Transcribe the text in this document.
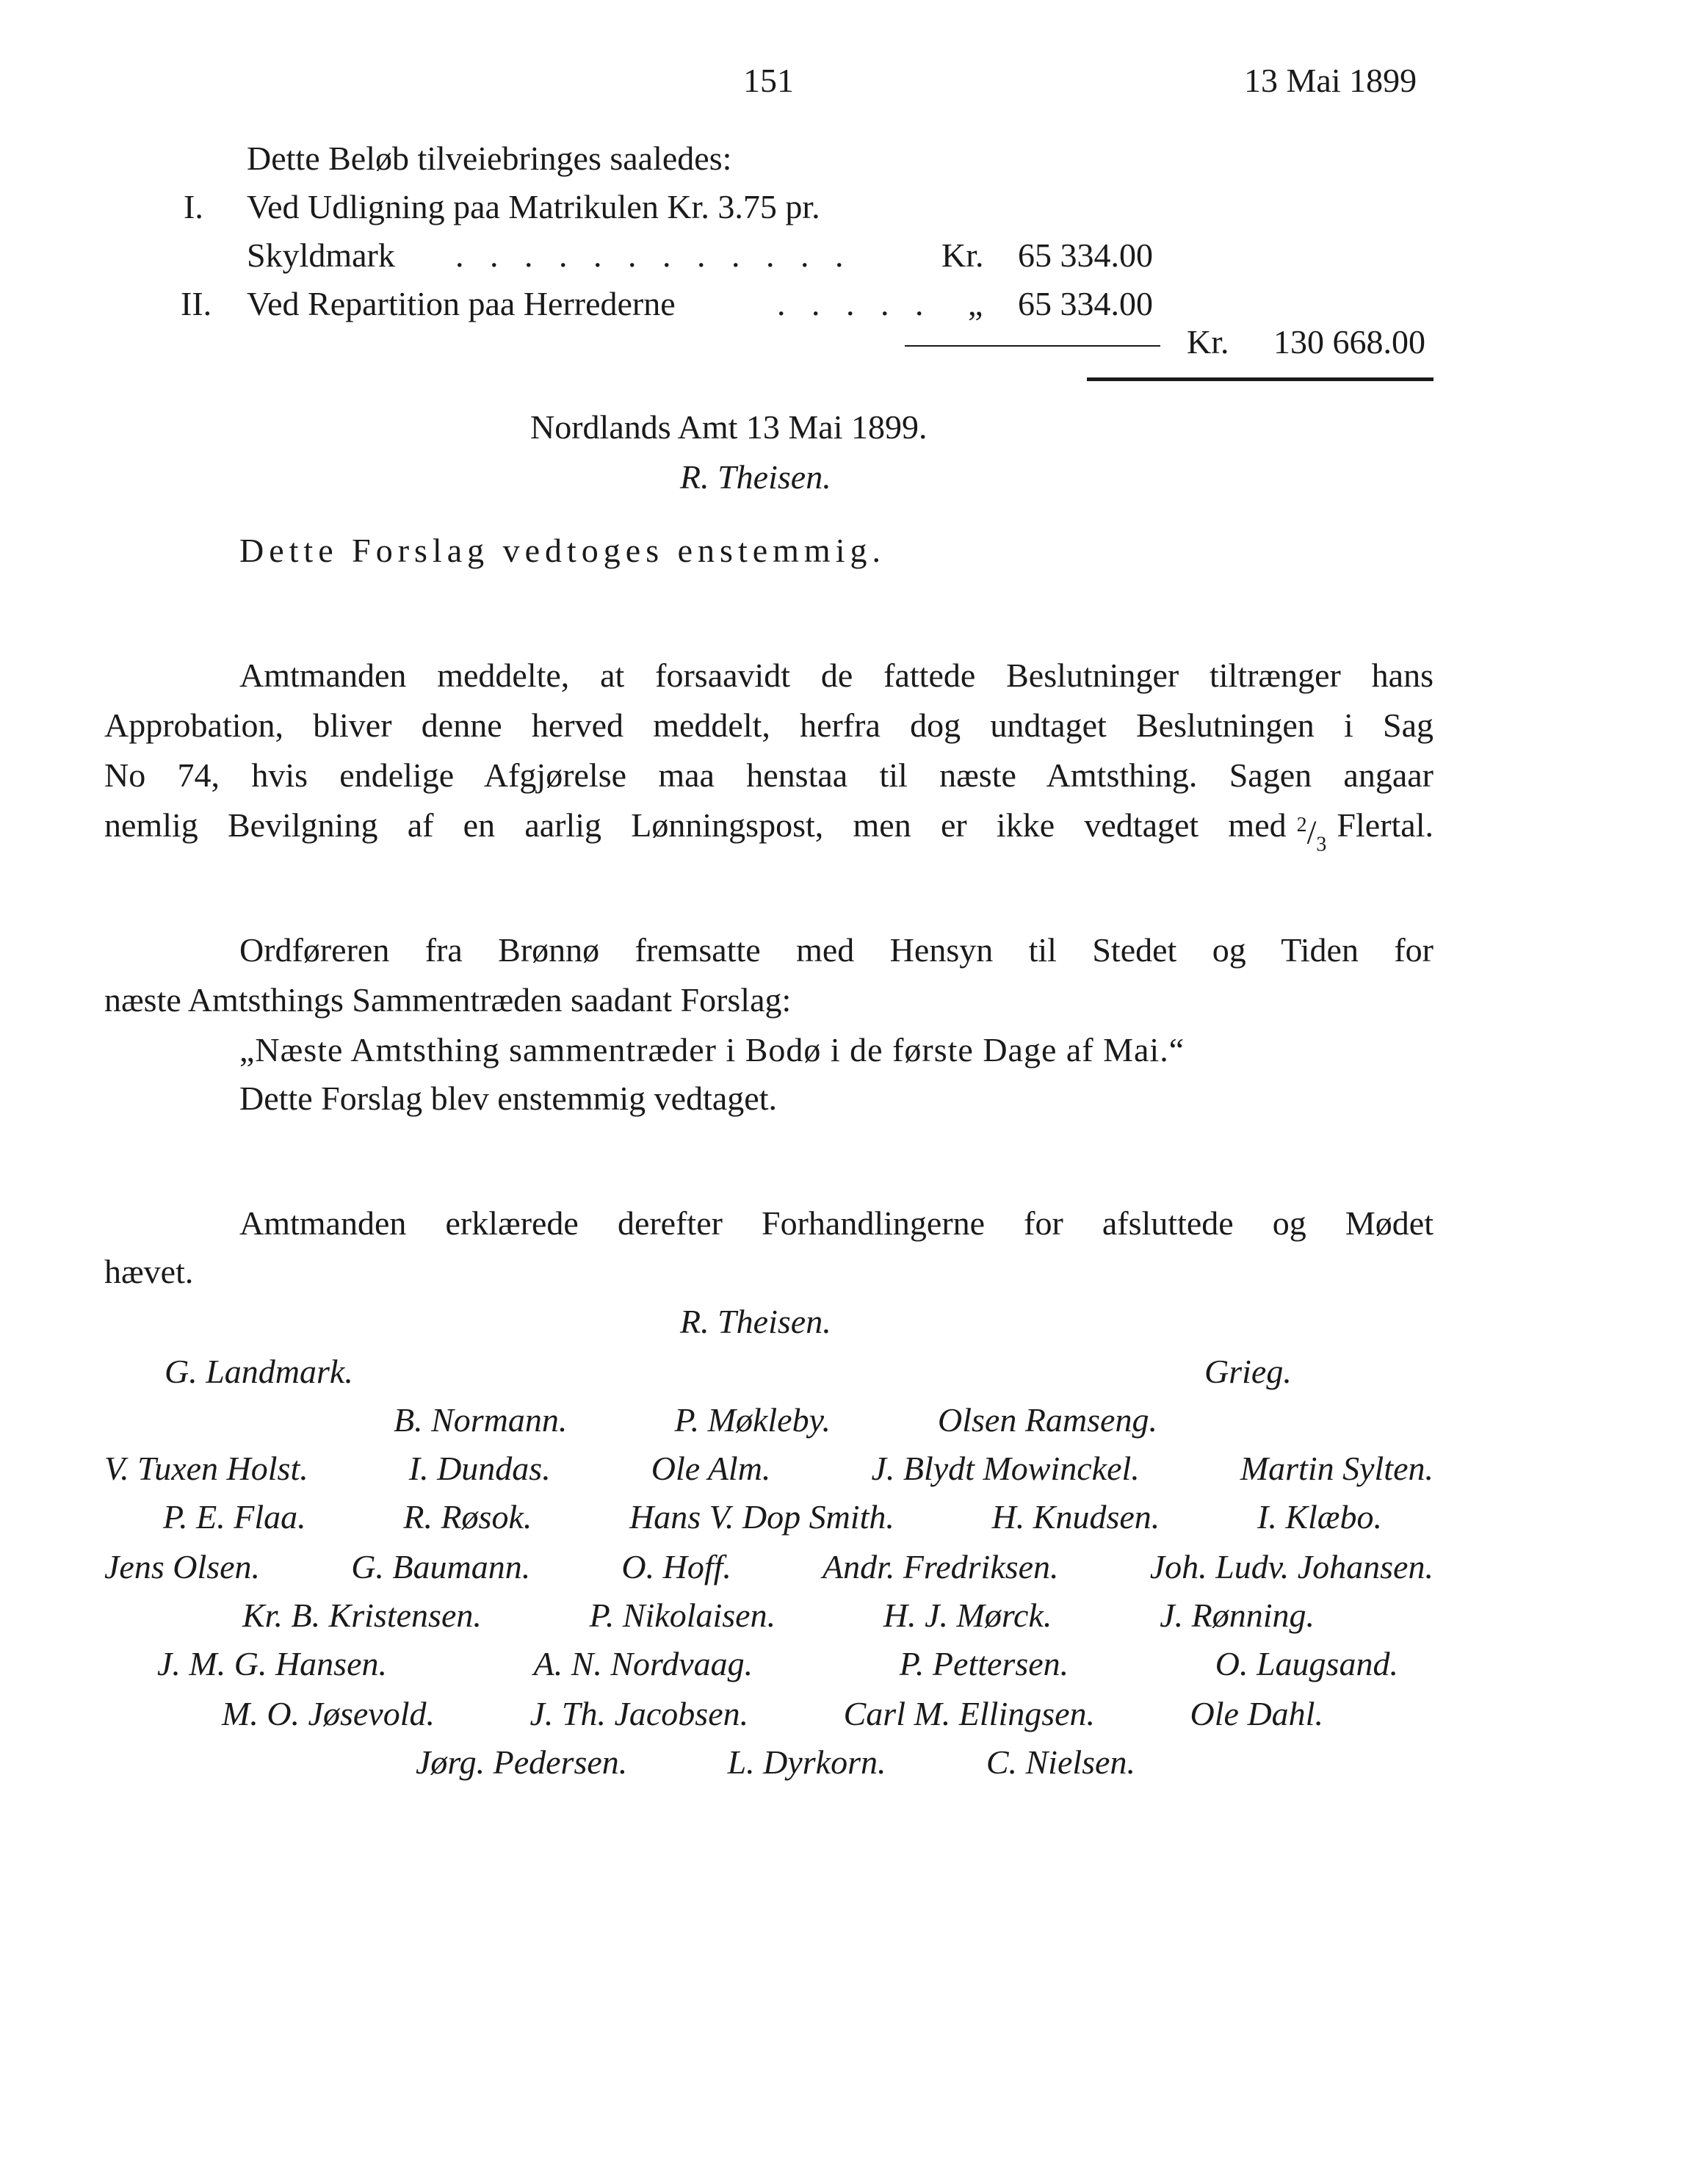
151	13 Mai 1899
Dette Beløb tilveiebringes saaledes:
I. Ved Udligning paa Matrikulen Kr. 3.75 pr.
Skyldmark . . . . . . . . . . . .	Kr. 65 334.00
II. Ved Repartition paa Herrederne	. . . . . „ 65 334.00
Kr. 130 668.00
Nordlands Amt 13 Mai 1899.
R. Theisen.
Dette Forslag vedtoges enstemmig.
Amtmanden meddelte, at forsaavidt de fattede Beslutninger tiltrænger hans
Approbation, bliver denne herved meddelt, herfra dog undtaget Beslutningen i Sag
No 74, hvis endelige Afgjørelse maa henstaa til næste Amtsthing. Sagen angaar
nemlig Bevilgning af en aarlig Lønningspost, men er ikke vedtaget med $^2/_3$
Flertal.
Ordføreren fra Brønnø fremsatte med Hensyn til Stedet og Tiden for
næste Amtsthings Sammentræden saadant Forslag:
„Næste Amtsthing sammentræder i Bodø i de første Dage af Mai.“
Dette Forslag blev enstemmig vedtaget.
Amtmanden erklærede derefter Forhandlingerne for afsluttede og Mødet
hævet.
R. Theisen.
G. Landmark.	Grieg.
B. Normann.	P. Møkleby.	Olsen Ramseng.
V. Tuxen Holst.	I. Dundas.	Ole Alm.	J. Blydt Mowinckel.	Martin Sylten.
P. E. Flaa.	R. Røsok.	Hans V. Dop Smith.	H. Knudsen.	I. Klæbo.
Jens Olsen.	G. Baumann.	O. Hoff.	Andr. Fredriksen.	Joh. Ludv. Johansen.
Kr. B. Kristensen.	P. Nikolaisen.	H. J. Mørck.	J. Rønning.
J. M. G. Hansen.	A. N. Nordvaag.	P. Pettersen.	O. Laugsand.
M. O. Jøsevold.	J. Th. Jacobsen.	Carl M. Ellingsen.	Ole Dahl.
Jørg. Pedersen.	L. Dyrkorn.	C. Nielsen.
